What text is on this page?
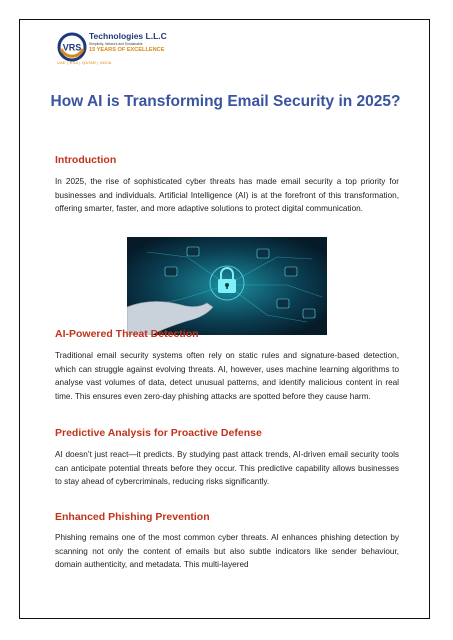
VRS
Technologies L.L.C
Simplicity, Network and Sustainable
15 YEARS OF EXCELLENCE
UAE | KSA | QATAR | INDIA
How AI is Transforming Email Security in 2025?
Introduction

In 2025, the rise of sophisticated cyber threats has made email security a top priority for businesses and individuals. Artificial Intelligence (AI) is at the forefront of this transformation, offering smarter, faster, and more adaptive solutions to protect digital communication.

AI-Powered Threat Detection

Traditional email security systems often rely on static rules and signature-based detection, which can struggle against evolving threats. AI, however, uses machine learning algorithms to analyse vast volumes of data, detect unusual patterns, and identify malicious content in real time. This ensures even zero-day phishing attacks are spotted before they cause harm.

Predictive Analysis for Proactive Defense

AI doesn’t just react—it predicts. By studying past attack trends, AI-driven email security tools can anticipate potential threats before they occur. This predictive capability allows businesses to stay ahead of cybercriminals, reducing risks significantly.

Enhanced Phishing Prevention

Phishing remains one of the most common cyber threats. AI enhances phishing detection by scanning not only the content of emails but also subtle indicators like sender behaviour, domain authenticity, and metadata. This multi-layered
